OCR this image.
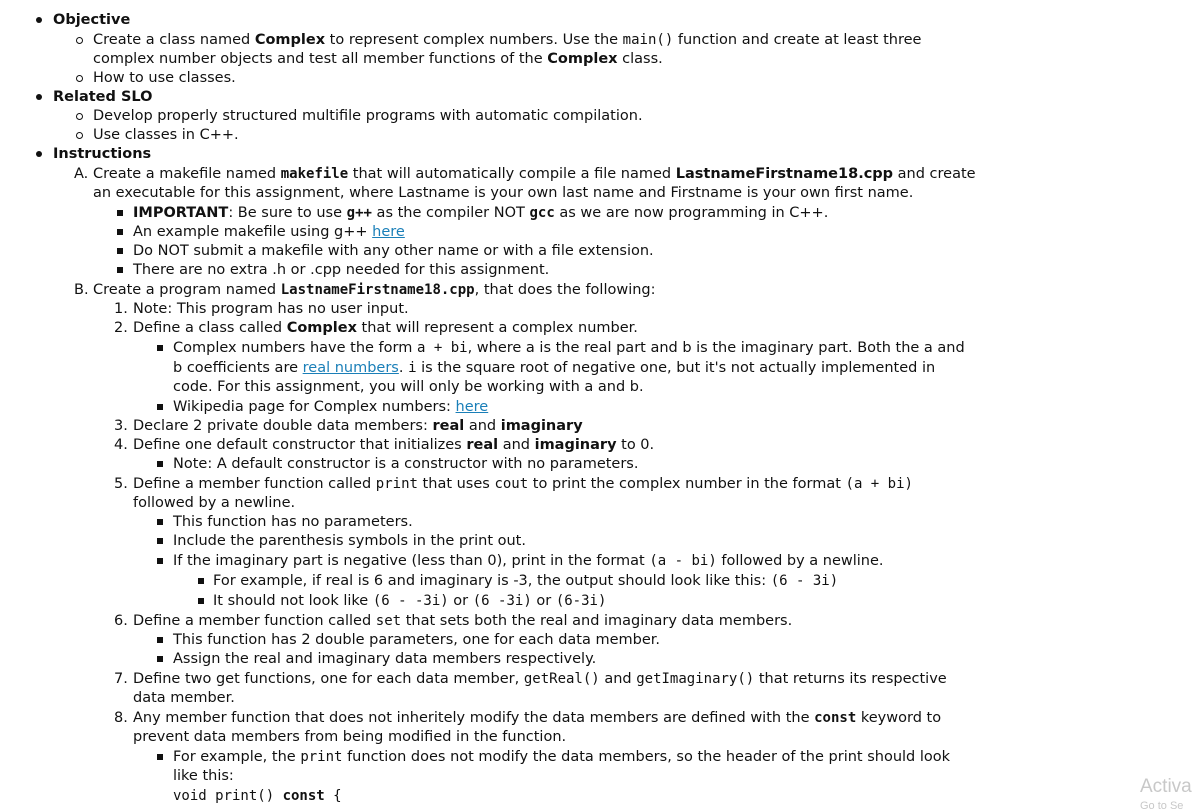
Objective
Create a class named Complex to represent complex numbers. Use the main() function and create at least three
complex number objects and test all member functions of the Complex class.
How to use classes.
Related SLO
Develop properly structured multifile programs with automatic compilation.
Use classes in C++.
Instructions
A. Create a makefile named makefile that will automatically compile a file named LastnameFirstname18.cpp and create
an executable for this assignment, where Lastname is your own last name and Firstname is your own first name.
IMPORTANT: Be sure to use g++ as the compiler NOT gcc as we are now programming in C++.
An example makefile using g++ here
Do NOT submit a makefile with any other name or with a file extension.
There are no extra .h or .cpp needed for this assignment.
B. Create a program named LastnameFirstname18.cpp, that does the following:
1. Note: This program has no user input.
2. Define a class called Complex that will represent a complex number.
Complex numbers have the form a + bi, where a is the real part and b is the imaginary part. Both the a and
b coefficients are real numbers. i is the square root of negative one, but it's not actually implemented in
code. For this assignment, you will only be working with a and b.
Wikipedia page for Complex numbers: here
3. Declare 2 private double data members: real and imaginary
4. Define one default constructor that initializes real and imaginary to 0.
Note: A default constructor is a constructor with no parameters.
5. Define a member function called print that uses cout to print the complex number in the format (a + bi)
followed by a newline.
This function has no parameters.
Include the parenthesis symbols in the print out.
If the imaginary part is negative (less than 0), print in the format (a - bi) followed by a newline.
For example, if real is 6 and imaginary is -3, the output should look like this: (6 - 3i)
It should not look like (6 - -3i) or (6 -3i) or (6-3i)
6. Define a member function called set that sets both the real and imaginary data members.
This function has 2 double parameters, one for each data member.
Assign the real and imaginary data members respectively.
7. Define two get functions, one for each data member, getReal() and getImaginary() that returns its respective
data member.
8. Any member function that does not inheritely modify the data members are defined with the const keyword to
prevent data members from being modified in the function.
For example, the print function does not modify the data members, so the header of the print should look
like this:
void print() const {	Activa
Go to Se
